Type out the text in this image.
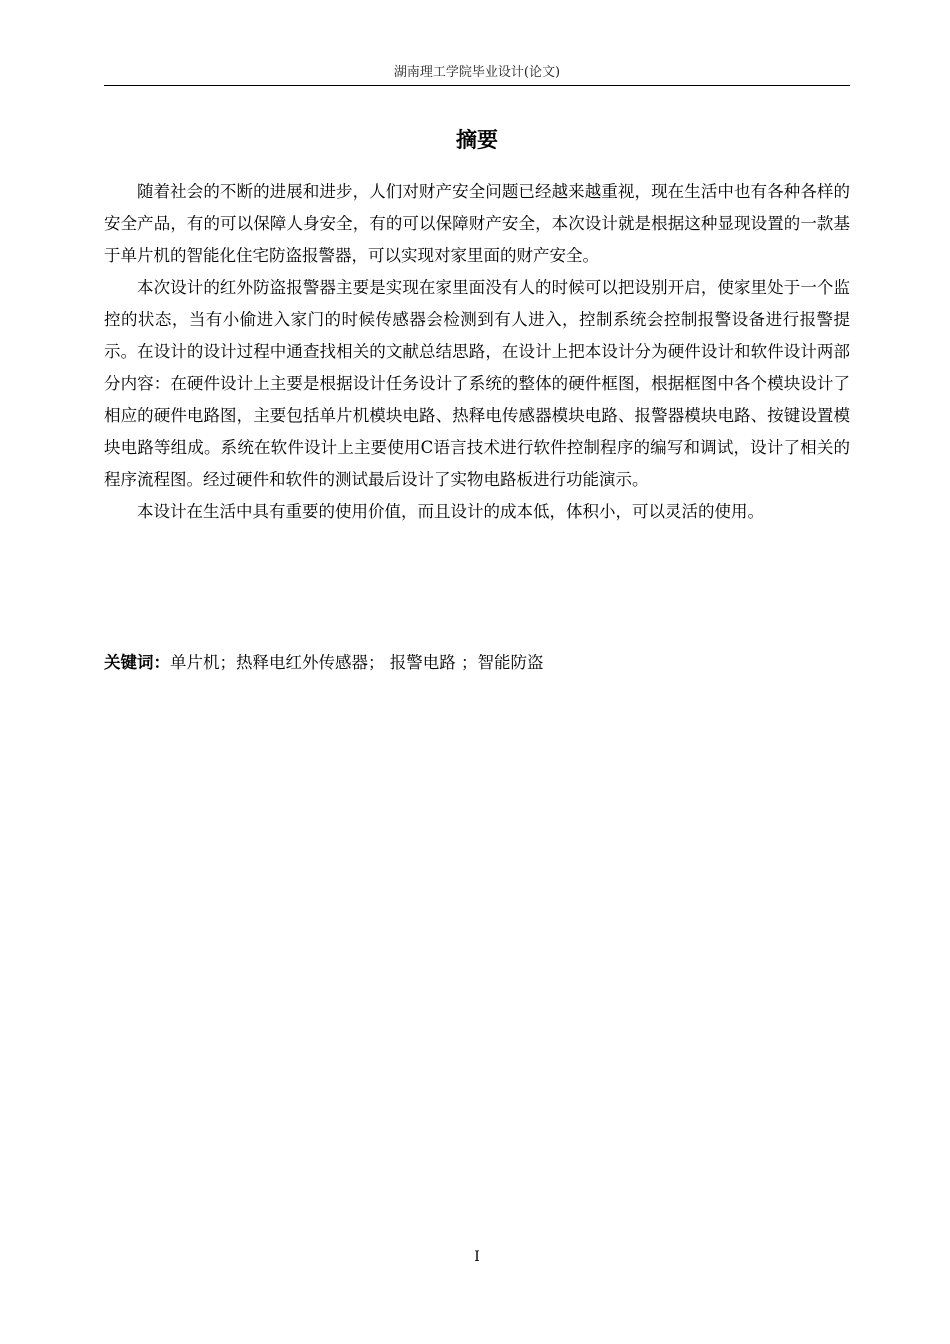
湖南理工学院毕业设计(论文)
摘要

随着社会的不断的进展和进步，人们对财产安全问题已经越来越重视，现在生活中也有各种各样的安全产品，有的可以保障人身安全，有的可以保障财产安全，本次设计就是根据这种显现设置的一款基于单片机的智能化住宅防盗报警器，可以实现对家里面的财产安全。

本次设计的红外防盗报警器主要是实现在家里面没有人的时候可以把设别开启，使家里处于一个监控的状态，当有小偷进入家门的时候传感器会检测到有人进入，控制系统会控制报警设备进行报警提示。在设计的设计过程中通查找相关的文献总结思路，在设计上把本设计分为硬件设计和软件设计两部分内容：在硬件设计上主要是根据设计任务设计了系统的整体的硬件框图，根据框图中各个模块设计了相应的硬件电路图，主要包括单片机模块电路、热释电传感器模块电路、报警器模块电路、按键设置模块电路等组成。系统在软件设计上主要使用C语言技术进行软件控制程序的编写和调试，设计了相关的程序流程图。经过硬件和软件的测试最后设计了实物电路板进行功能演示。

本设计在生活中具有重要的使用价值，而且设计的成本低，体积小，可以灵活的使用。

关键词：单片机；热释电红外传感器； 报警电路 ；智能防盗
I
